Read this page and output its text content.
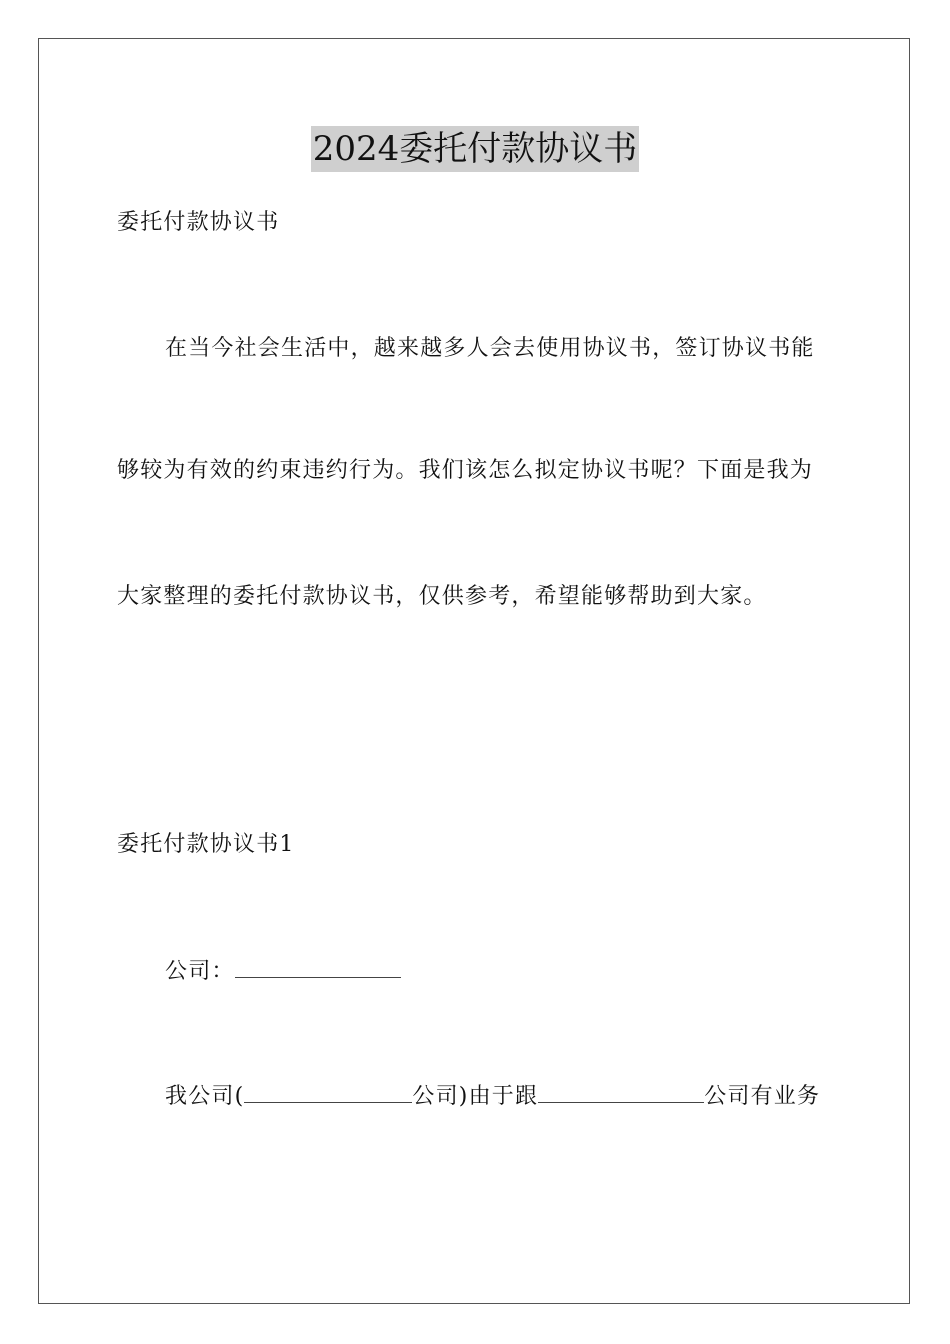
2024委托付款协议书
委托付款协议书
在当今社会生活中，越来越多人会去使用协议书，签订协议书能
够较为有效的约束违约行为。我们该怎么拟定协议书呢？下面是我为
大家整理的委托付款协议书，仅供参考，希望能够帮助到大家。
委托付款协议书1
公司：
我公司(	公司)由于跟	公司有业务
